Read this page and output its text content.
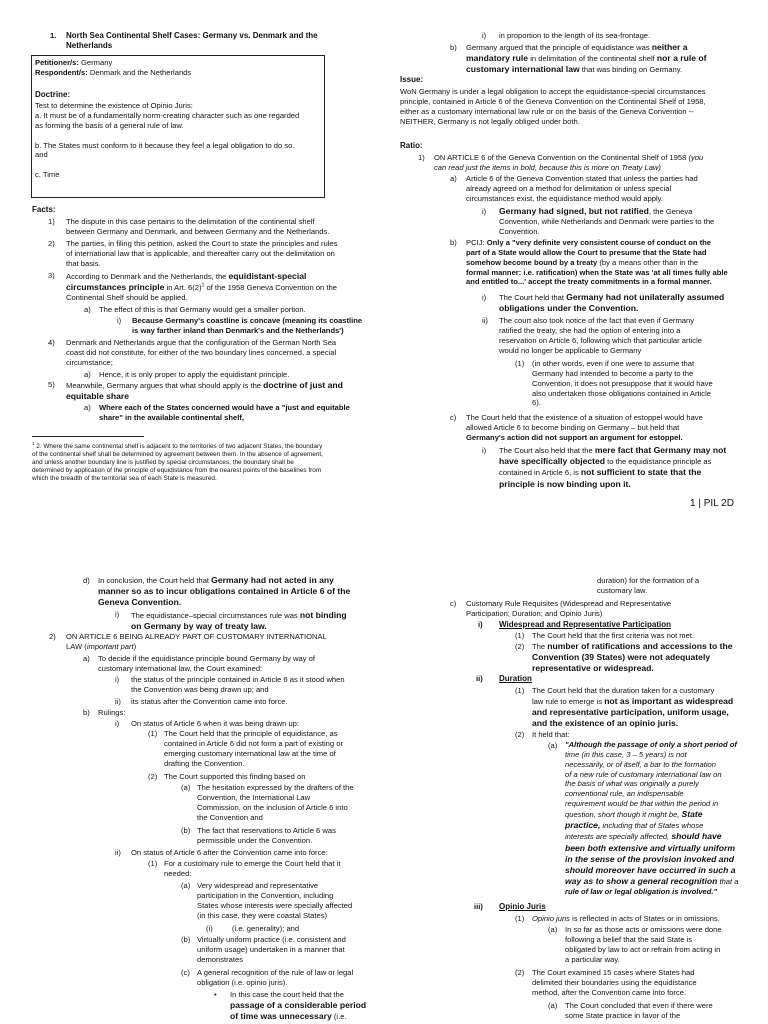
1. North Sea Continental Shelf Cases: Germany vs. Denmark and the Netherlands

Petitioner/s: Germany

Respondent/s: Denmark and the Netherlands

Doctrine:

Test to determine the existence of Opinio Juris:
a. It must be of a fundamentally norm-creating character such as one regarded
as forming the basis of a general rule of law.
b. The States must conform to it because they feel a legal obligation to do so.
and
c. Time

Facts:

1) The dispute in this case pertains to the delimitation of the continental shelf
between Germany and Denmark, and between Germany and the Netherlands.

2) The parties, in filing this petition, asked the Court to state the principles and rules
of international law that is applicable, and thereafter carry out the delimitation on
that basis.

3) According to Denmark and the Netherlands, the equidistant-special
circumstances principle in Art. $6(2)^1$ of the 1958 Geneva Convention on the
Continental Shelf should be applied.

a) The effect of this is that Germany would get a smaller portion.

i) Because Germany's coastline is concave (meaning its coastline
is way farther inland than Denmark's and the Netherlands')

4) Denmark and Netherlands argue that the configuration of the German North Sea
coast did not constitute, for either of the two boundary lines concerned, a special
circumstance;

a) Hence, it is only proper to apply the equidistant principle.

5) Meanwhile, Germany argues that what should apply is the doctrine of just and
equitable share

a) Where each of the States concerned would have a "just and equitable
share" in the available continental shelf,
$^1$ 2. Where the same continental shelf is adjacent to the territories of two adjacent States, the boundary
of the continental shelf shall be determined by agreement between them. In the absence of agreement,
and unless another boundary line is justified by special circumstances, the boundary shall be
determined by application of the principle of equidistance from the nearest points of the baselines from
which the breadth of the territorial sea of each State is measured.

i) in proportion to the length of its sea-frontage.

b) Germany argued that the principle of equidistance was neither a
mandatory rule in delimitation of the continental shelf nor a rule of
customary international law that was binding on Germany.

Issue:

WoN Germany is under a legal obligation to accept the equidistance-special circumstances
principle, contained in Article 6 of the Geneva Convention on the Continental Shelf of 1958,
either as a customary international law rule or on the basis of the Geneva Convention --
NEITHER, Germany is not legally obliged under both.

Ratio:

1) ON ARTICLE 6 of the Geneva Convention on the Continental Shelf of 1958 (you
can read just the items in bold, because this is more on Treaty Law)

a) Article 6 of the Geneva Convention stated that unless the parties had
already agreed on a method for delimitation or unless special
circumstances exist, the equidistance method would apply.

i) Germany had signed, but not ratified, the Geneva
Convention, while Netherlands and Denmark were parties to the
Convention.

b) PCIJ: Only a "very definite very consistent course of conduct on the
part of a State would allow the Court to presume that the State had
somehow become bound by a treaty (by a means other than in the
formal manner: i.e. ratification) when the State was 'at all times fully able
and entitled to...' accept the treaty commitments in a formal manner.

i) The Court held that Germany had not unilaterally assumed
obligations under the Convention.

ii) The court also took notice of the fact that even if Germany
ratified the treaty, she had the option of entering into a
reservation on Article 6, following which that particular article
would no longer be applicable to Germany

(1) (in other words, even if one were to assume that
Germany had intended to become a party to the
Convention, it does not presuppose that it would have
also undertaken those obligations contained in Article
6).

c) The Court held that the existence of a situation of estoppel would have
allowed Article 6 to become binding on Germany – but held that
Germany's action did not support an argument for estoppel.

i) The Court also held that the mere fact that Germany may not
have specifically objected to the equidistance principle as
contained in Article 6, is not sufficient to state that the
principle is now binding upon it.

1 | PIL 2D

d) In conclusion, the Court held that Germany had not acted in any
manner so as to incur obligations contained in Article 6 of the
Geneva Convention.

i) The equidistance–special circumstances rule was not binding
on Germany by way of treaty law.

2) ON ARTICLE 6 BEING ALREADY PART OF CUSTOMARY INTERNATIONAL
LAW (important part)

a) To decide if the equidistance principle bound Germany by way of
customary international law, the Court examined:

i) the status of the principle contained in Article 6 as it stood when
the Convention was being drawn up; and

ii) its status after the Convention came into force.

b) Rulings:

i) On status of Article 6 when it was being drawn up:

(1) The Court held that the principle of equidistance, as
contained in Article 6 did not form a part of existing or
emerging customary international law at the time of
drafting the Convention.

(2) The Court supported this finding based on

(a) The hesitation expressed by the drafters of the
Convention, the International Law
Commission, on the inclusion of Article 6 into
the Convention and

(b) The fact that reservations to Article 6 was
permissible under the Convention.

ii) On status of Article 6 after the Convention came into force:

(1) For a customary rule to emerge the Court held that it
needed:

(a) Very widespread and representative
participation in the Convention, including
States whose interests were specially affected
(in this case, they were coastal States)

(i)	(i.e. generality); and

(b) Virtually uniform practice (i.e. consistent and
uniform usage) undertaken in a manner that
demonstrates

(c) A general recognition of the rule of law or legal
obligation (i.e. opinio juris).

• In this case the court held that the
passage of a considerable period
of time was unnecessary (i.e.
duration) for the formation of a
customary law.

c) Customary Rule Requisites (Widespread and Representative
Participation; Duration; and Opinio Juris)

i) Widespread and Representative Participation

(1) The Court held that the first criteria was not met.

(2) The number of ratifications and accessions to the
Convention (39 States) were not adequately
representative or widespread.

ii) Duration

(1) The Court held that the duration taken for a customary
law rule to emerge is not as important as widespread
and representative participation, uniform usage,
and the existence of an opinio juris.

(2) It held that:

(a) "Although the passage of only a short period of
time (in this case, 3 – 5 years) is not
necessarily, or of itself, a bar to the formation
of a new rule of customary international law on
the basis of what was originally a purely
conventional rule, an indispensable
requirement would be that within the period in
question, short though it might be, State
practice, including that of States whose
interests are specially affected, should have
been both extensive and virtually uniform
in the sense of the provision invoked and
should moreover have occurred in such a
way as to show a general recognition that a
rule of law or legal obligation is involved."

iii) Opinio Juris

(1) Opinio juris is reflected in acts of States or in omissions.

(a) In so far as those acts or omissions were done
following a belief that the said State is
obligated by law to act or refrain from acting in
a particular way.

(2) The Court examined 15 cases where States had
delimited their boundaries using the equidistance
method, after the Convention came into force.

(a) The Court concluded that even if there were
some State practice in favor of the
